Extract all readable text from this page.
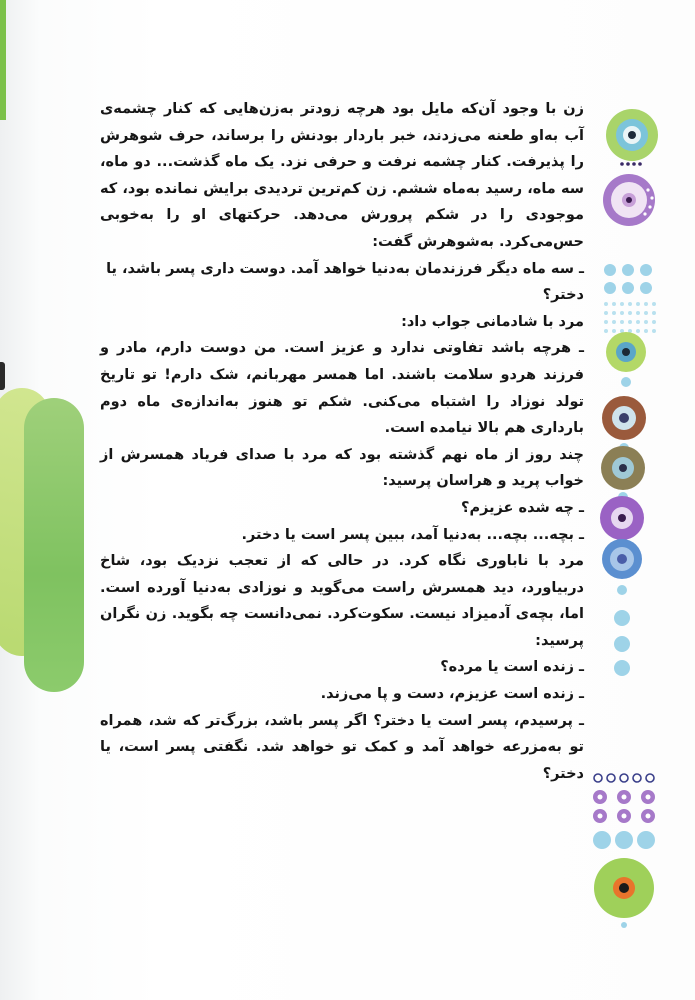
زن با وجود آن‌که مایل بود هرچه زودتر به‌زن‌هایی که کنار چشمه‌ی آب به‌او طعنه می‌زدند، خبر باردار بودنش را برساند، حرف شوهرش را پذیرفت. کنار چشمه نرفت و حرفی نزد. یک ماه گذشت... دو ماه، سه ماه، رسید به‌ماه ششم. زن کم‌ترین تردیدی برایش نمانده بود، که موجودی را در شکم پرورش می‌دهد. حرکتهای او را به‌خوبی حس‌می‌کرد. به‌شوهرش گفت:

ـ سه ماه دیگر فرزندمان به‌دنیا خواهد آمد. دوست داری پسر باشد، یا دختر؟

مرد با شادمانی جواب داد:

ـ هرچه باشد تفاوتی ندارد و عزیز است. من دوست دارم، مادر و فرزند هردو سلامت باشند. اما همسر مهربانم، شک دارم! تو تاریخ تولد نوزاد را اشتباه می‌کنی. شکم تو هنوز به‌اندازه‌ی ماه دوم بارداری هم بالا نیامده است.

چند روز از ماه نهم گذشته بود که مرد با صدای فریاد همسرش از خواب پرید و هراسان پرسید:

ـ چه شده عزیزم؟

ـ بچه... بچه... به‌دنیا آمد، ببین پسر است یا دختر.

مرد با ناباوری نگاه کرد. در حالی که از تعجب نزدیک بود، شاخ دربیاورد، دید همسرش راست می‌گوید و نوزادی به‌دنیا آورده است. اما، بچه‌ی آدمیزاد نیست. سکوت‌کرد. نمی‌دانست چه بگوید. زن نگران پرسید:

ـ زنده است یا مرده؟

ـ زنده است عزیزم، دست و پا می‌زند.

ـ پرسیدم، پسر است یا دختر؟ اگر پسر باشد، بزرگ‌تر که شد، همراه تو به‌مزرعه خواهد آمد و کمک تو خواهد شد. نگفتی پسر است، یا دختر؟
